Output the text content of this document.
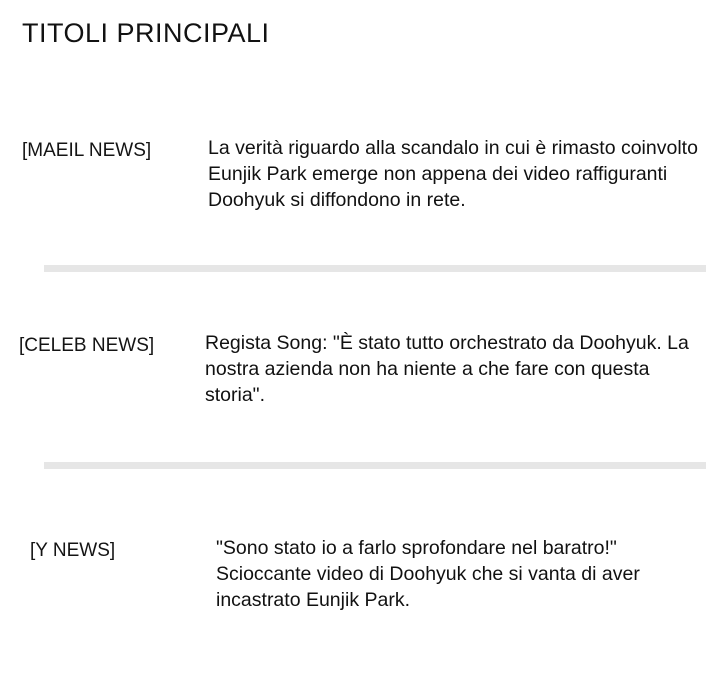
TITOLI PRINCIPALI
[MAEIL NEWS]	La verità riguardo alla scandalo in cui è rimasto coinvolto Eunjik Park emerge non appena dei video raffiguranti Doohyuk si diffondono in rete.
[CELEB NEWS]	Regista Song: "È stato tutto orchestrato da Doohyuk. La nostra azienda non ha niente a che fare con questa storia".
[Y NEWS]	"Sono stato io a farlo sprofondare nel baratro!" Scioccante video di Doohyuk che si vanta di aver incastrato Eunjik Park.
